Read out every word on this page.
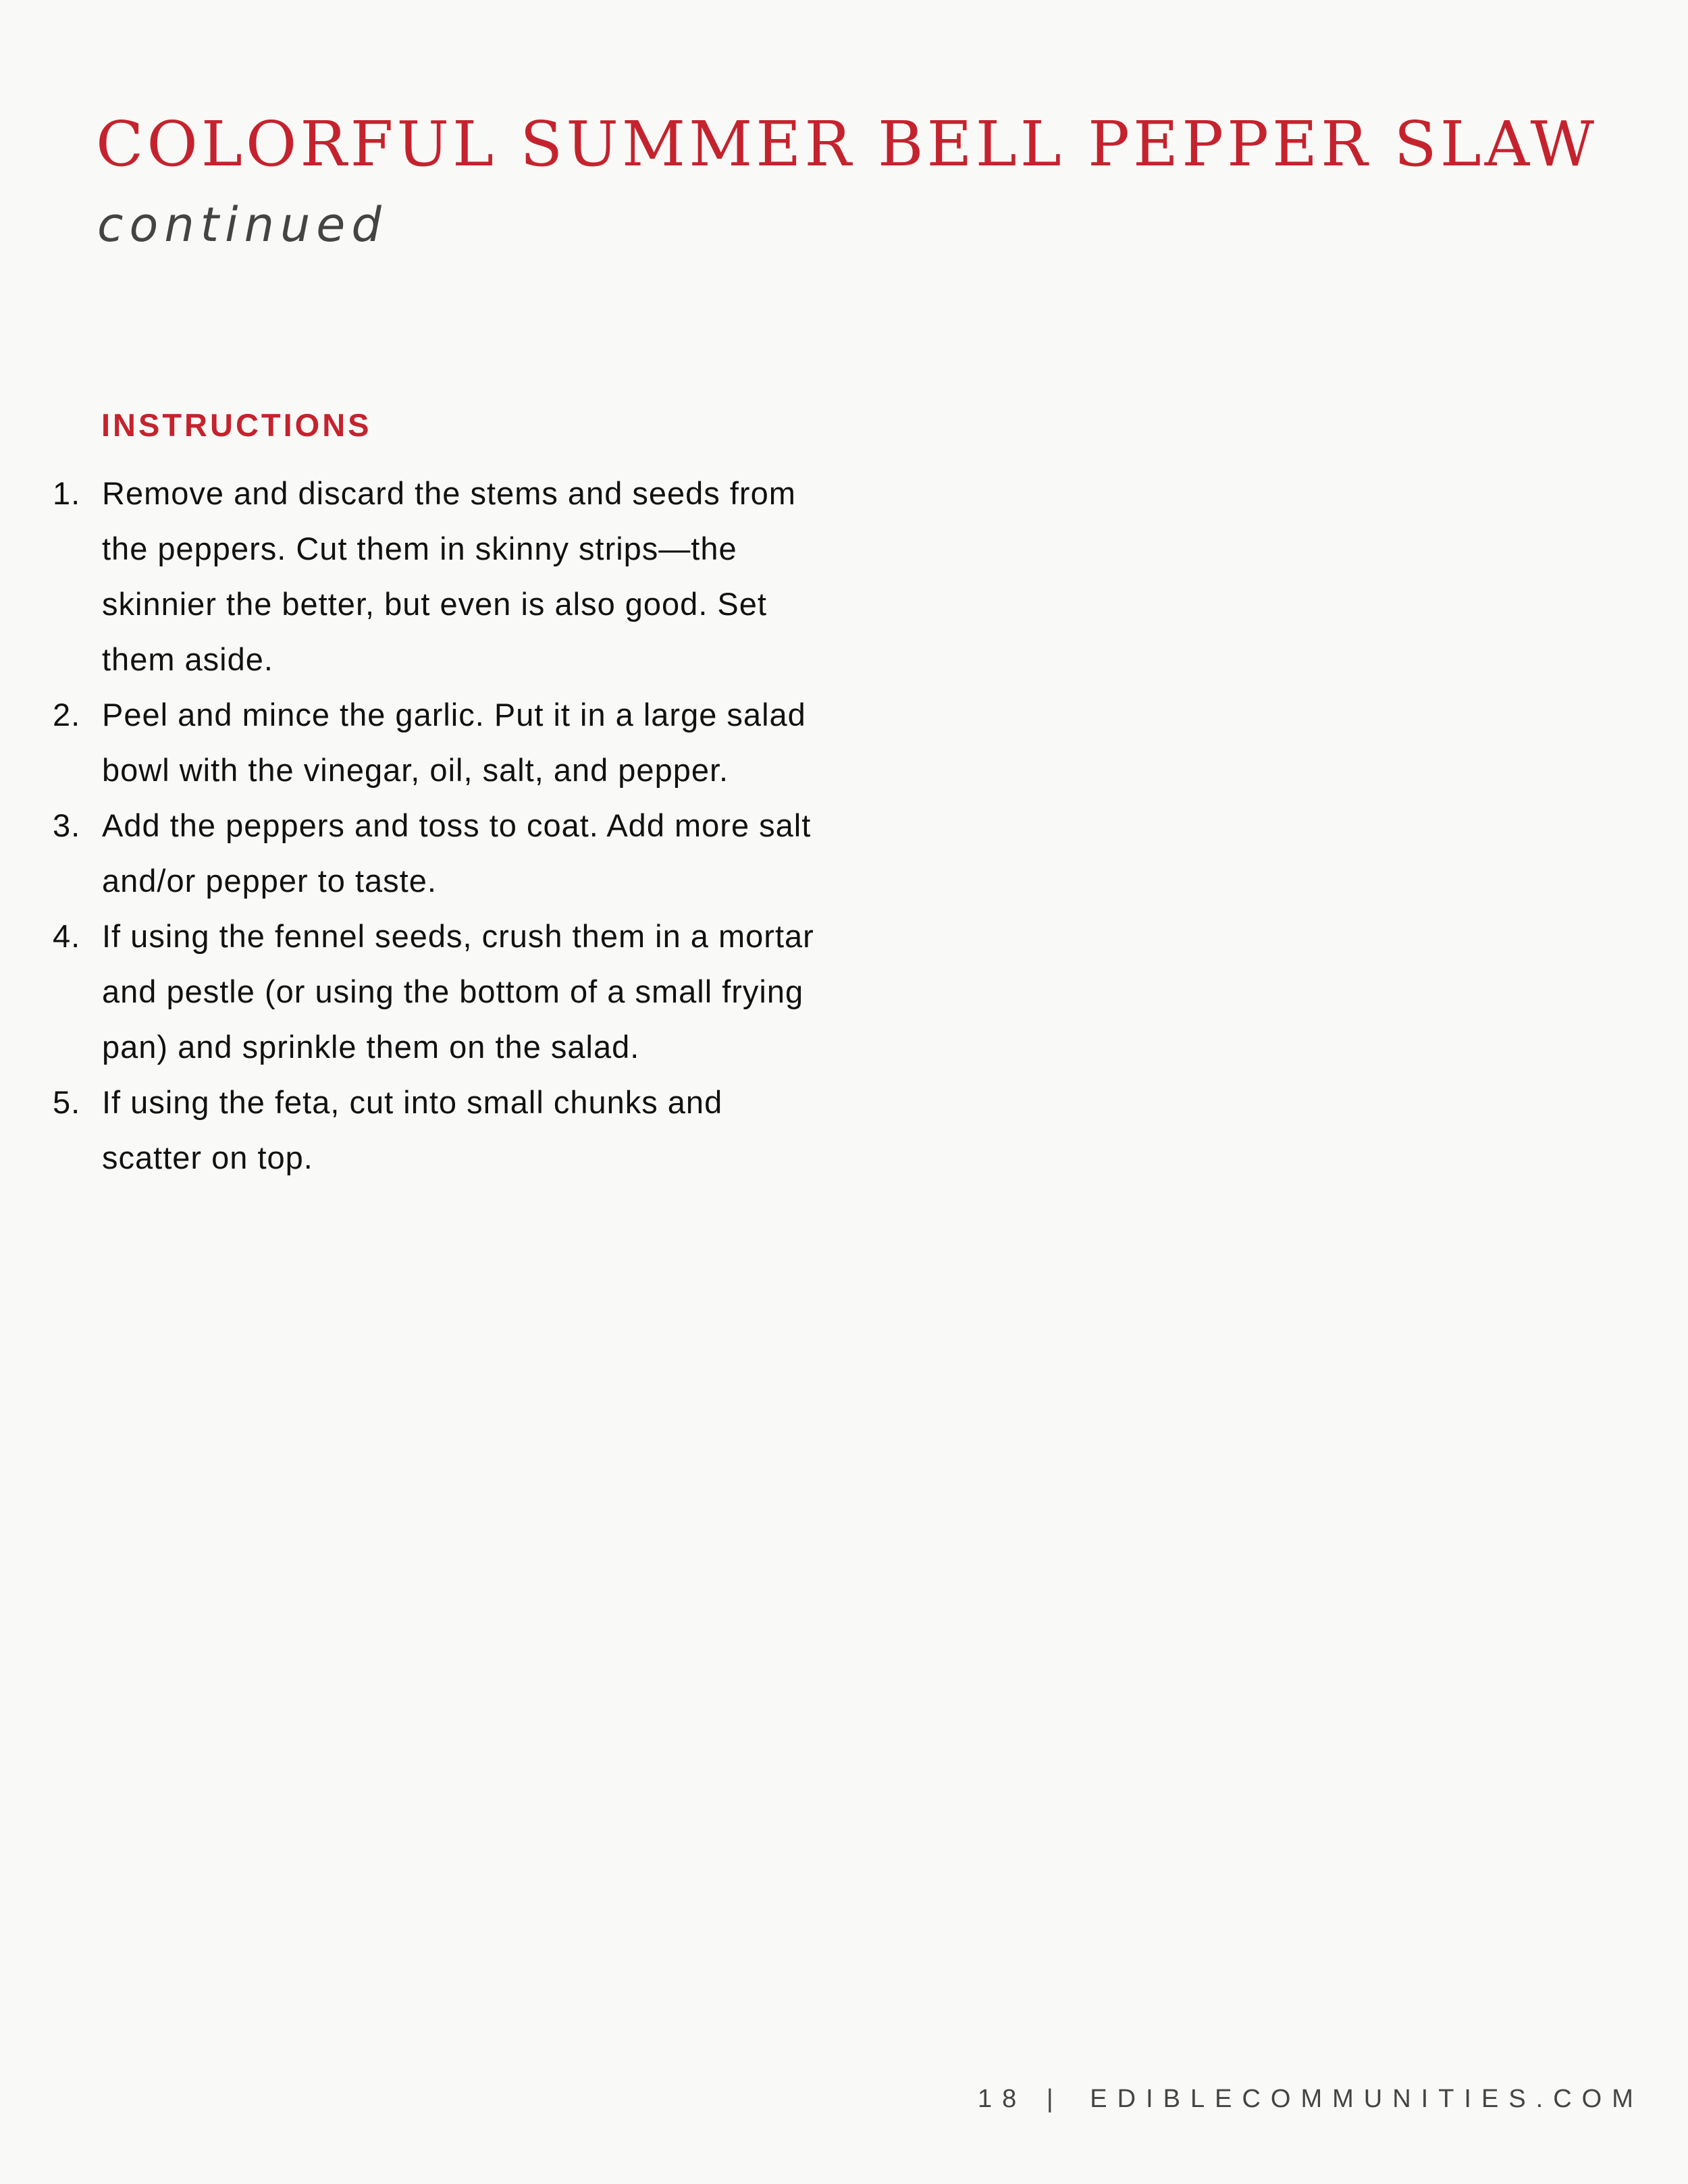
COLORFUL SUMMER BELL PEPPER SLAW
continued
INSTRUCTIONS
1. Remove and discard the stems and seeds from the peppers. Cut them in skinny strips—the skinnier the better, but even is also good. Set them aside.
2. Peel and mince the garlic. Put it in a large salad bowl with the vinegar, oil, salt, and pepper.
3. Add the peppers and toss to coat. Add more salt and/or pepper to taste.
4. If using the fennel seeds, crush them in a mortar and pestle (or using the bottom of a small frying pan) and sprinkle them on the salad.
5. If using the feta, cut into small chunks and scatter on top.
18 | EDIBLECOMMUNITIES.COM
